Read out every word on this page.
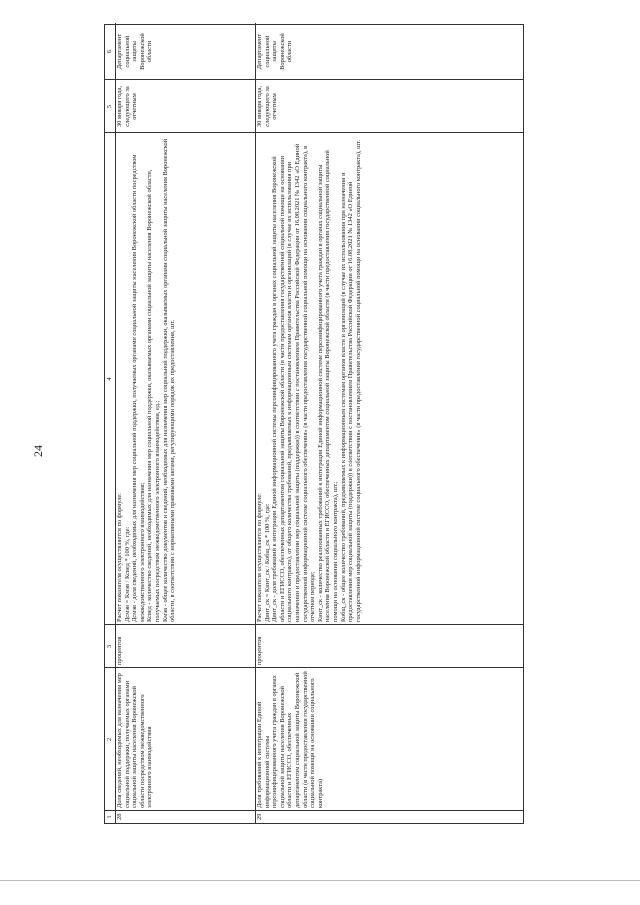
24
1
2
3
4
5
6
28
Доля сведений, необходимых для назначения мер социальной поддержки, получаемых органами социальной защиты населения Воронежской области посредством межведомственного электронного взаимодействия
процентов

Расчет показателя осуществляется по формуле: Дсмэв = Кмэв / Ксвед * 100 %, где: Дсмэв - доля сведений, необходимых для назначения мер социальной поддержки, получаемых органами социальной защиты населения Воронежской области посредством межведомственного электронного взаимодействия; Ксвед - количество сведений, необходимых для назначения мер социальной поддержки, оказываемых органами социальной защиты населения Воронежской области, получаемых посредством межведомственного электронного взаимодействия, ед.; Кмэв - общее количество документов и сведений, необходимых для назначения мер социальной поддержки, оказываемых органами социальной защиты населения Воронежской области, в соответствии с нормативными правовыми актами, регулирующими порядок их предоставления, шт.

30 января года, следующего за отчетным
Департамент социальной защиты Воронежской области
29
Доля требований к интеграции Единой информационной системы персонифицированного учета граждан в органах социальной защиты населения Воронежской области и ЕГИССО, обеспеченных департаментом социальной защиты Воронежской области (в части предоставления государственной социальной помощи на основании социального контракта)
процентов

Расчет показателя осуществляется по формуле: Динт_ск = Кинт_ск / Кобщ_ск * 100 %, где: Динт_ск - доля требований к интеграции Единой информационной системы персонифицированного учета граждан в органах социальной защиты населения Воронежской области и ЕГИССО, обеспеченных департаментом социальной защиты Воронежской области (в части предоставления государственной социальной помощи на основании социального контракта), от общего количества требований, предъявляемых к информационным системам органов власти и организаций (в случае их использования при назначении и предоставлении мер социальной защиты (поддержки)) в соответствии с постановлением Правительства Российской Федерации от 16.08.2021 № 1342 «О Единой государственной информационной системе социального обеспечения» (в части предоставления государственной социальной помощи на основании социального контракта), в отчетном периоде; Кинт_ск - количество реализованных требований к интеграции Единой информационной системе персонифицированного учета граждан в органах социальной защиты населения Воронежской области и ЕГИССО, обеспеченных департаментом социальной защиты Воронежской области (в части предоставления государственной социальной помощи на основании социального контракта), шт.; Кобщ_ск - общее количество требований, предъявляемых к информационным системам органов власти и организаций (в случае их использования при назначении и предоставлении мер социальной защиты (поддержки)) в соответствии с постановлением Правительства Российской Федерации от 16.08.2021 № 1342 «О Единой государственной информационной системе социального обеспечения» (в части предоставления государственной социальной помощи на основании социального контракта), шт.

30 января года, следующего за отчетным
Департамент социальной защиты Воронежской области
